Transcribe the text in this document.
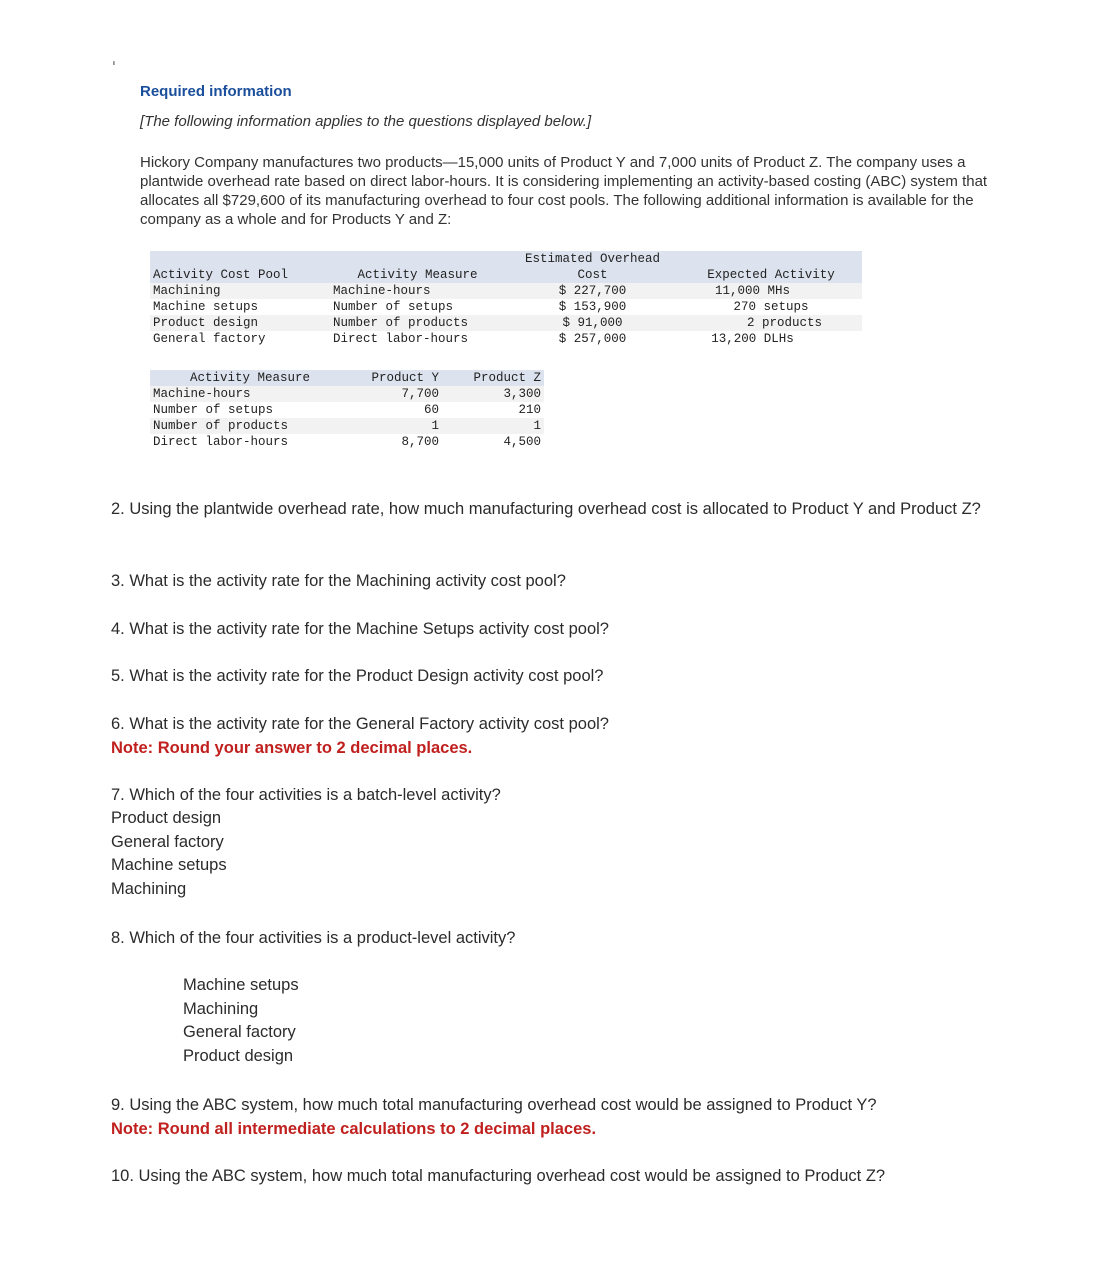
ˈ
Required information
[The following information applies to the questions displayed below.]
Hickory Company manufactures two products—15,000 units of Product Y and 7,000 units of Product Z. The company uses a plantwide overhead rate based on direct labor-hours. It is considering implementing an activity-based costing (ABC) system that allocates all $729,600 of its manufacturing overhead to four cost pools. The following additional information is available for the company as a whole and for Products Y and Z:
		Estimated Overhead	
Activity Cost Pool	Activity Measure	Cost	Expected Activity
Machining	Machine-hours	$ 227,700	11,000 MHs
Machine setups	Number of setups	$ 153,900	270 setups
Product design	Number of products	$ 91,000	2 products
General factory	Direct labor-hours	$ 257,000	13,200 DLHs
Activity Measure	Product Y	Product Z
Machine-hours	7,700	3,300
Number of setups	60	210
Number of products	1	1
Direct labor-hours	8,700	4,500
2. Using the plantwide overhead rate, how much manufacturing overhead cost is allocated to Product Y and Product Z?
3. What is the activity rate for the Machining activity cost pool?
4. What is the activity rate for the Machine Setups activity cost pool?
5. What is the activity rate for the Product Design activity cost pool?
6. What is the activity rate for the General Factory activity cost pool?
Note: Round your answer to 2 decimal places.
7. Which of the four activities is a batch-level activity?
Product design
General factory
Machine setups
Machining
8. Which of the four activities is a product-level activity?
Machine setups
Machining
General factory
Product design
9. Using the ABC system, how much total manufacturing overhead cost would be assigned to Product Y?
Note: Round all intermediate calculations to 2 decimal places.
10. Using the ABC system, how much total manufacturing overhead cost would be assigned to Product Z?
